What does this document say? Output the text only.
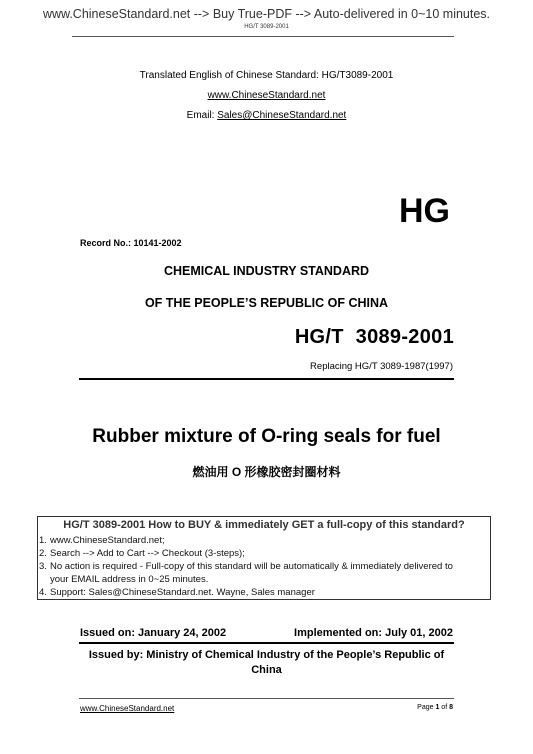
www.ChineseStandard.net --> Buy True-PDF --> Auto-delivered in 0~10 minutes.
HG/T 3089-2001
Translated English of Chinese Standard: HG/T3089-2001
www.ChineseStandard.net
Email: Sales@ChineseStandard.net
HG
Record No.: 10141-2002
CHEMICAL INDUSTRY STANDARD
OF THE PEOPLE’S REPUBLIC OF CHINA
HG/T 3089-2001
Replacing HG/T 3089-1987(1997)
Rubber mixture of O-ring seals for fuel
燃油用 O 形橡胶密封圈材料
HG/T 3089-2001 How to BUY & immediately GET a full-copy of this standard?
1. www.ChineseStandard.net;
2. Search --> Add to Cart --> Checkout (3-steps);
3. No action is required - Full-copy of this standard will be automatically & immediately delivered to
your EMAIL address in 0~25 minutes.
4. Support: Sales@ChineseStandard.net. Wayne, Sales manager
Issued on: January 24, 2002	Implemented on: July 01, 2002
Issued by: Ministry of Chemical Industry of the People’s Republic of China
www.ChineseStandard.net	Page 1 of 8
